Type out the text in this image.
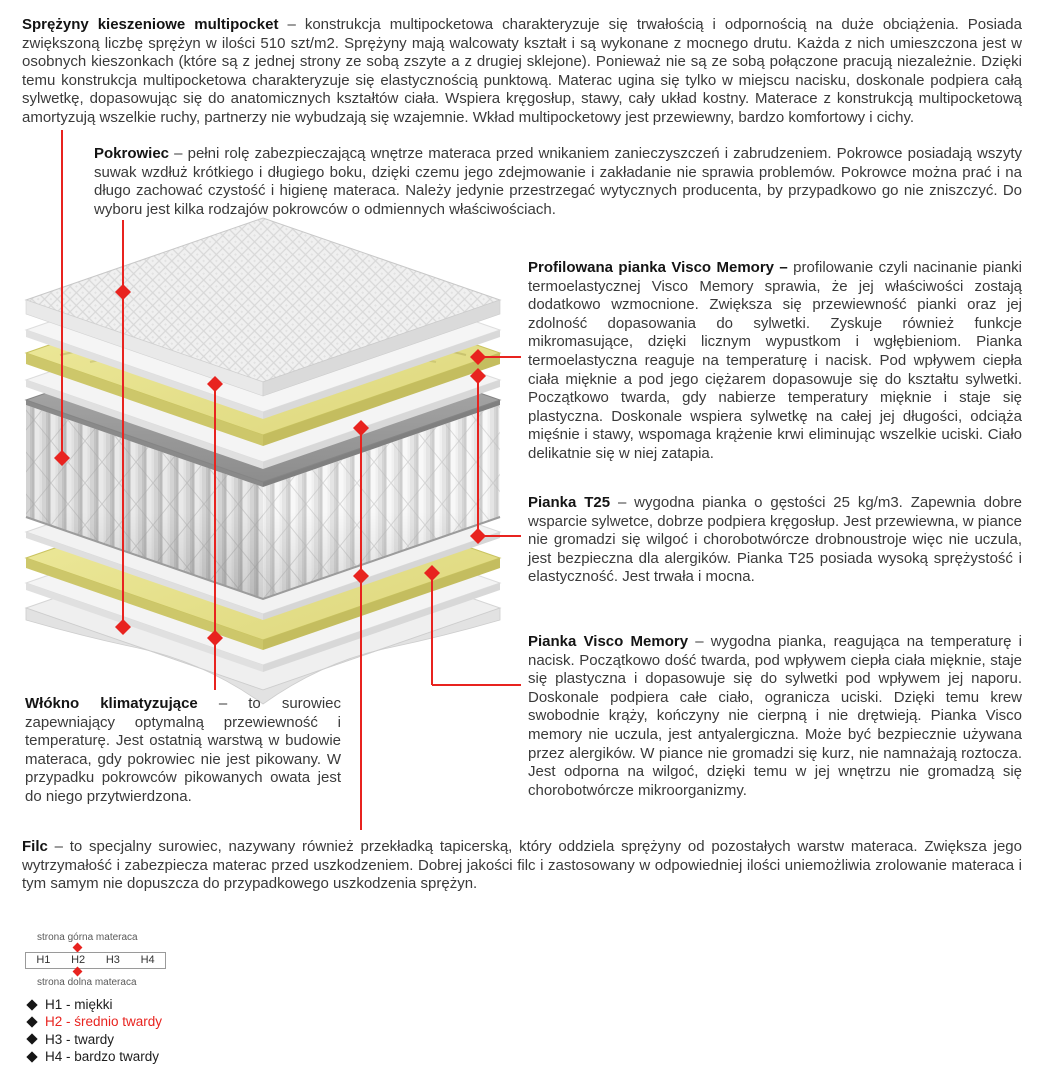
Sprężyny kieszeniowe multipocket – konstrukcja multipocketowa charakteryzuje się trwałością i odpornością na duże obciążenia. Posiada zwiększoną liczbę sprężyn w ilości 510 szt/m2. Sprężyny mają walcowaty kształt i są wykonane z mocnego drutu. Każda z nich umieszczona jest w osobnych kieszonkach (które są z jednej strony ze sobą zszyte a z drugiej sklejone). Ponieważ nie są ze sobą połączone pracują niezależnie. Dzięki temu konstrukcja multipocketowa charakteryzuje się elastycznością punktową. Materac ugina się tylko w miejscu nacisku, doskonale podpiera całą sylwetkę, dopasowując się do anatomicznych kształtów ciała. Wspiera kręgosłup, stawy, cały układ kostny. Materace z konstrukcją multipocketową amortyzują wszelkie ruchy, partnerzy nie wybudzają się wzajemnie. Wkład multipocketowy jest przewiewny, bardzo komfortowy i cichy.

Pokrowiec – pełni rolę zabezpieczającą wnętrze materaca przed wnikaniem zanieczyszczeń i zabrudzeniem. Pokrowce posiadają wszyty suwak wzdłuż krótkiego i długiego boku, dzięki czemu jego zdejmowanie i zakładanie nie sprawia problemów. Pokrowce można prać i na długo zachować czystość i higienę materaca. Należy jedynie przestrzegać wytycznych producenta, by przypadkowo go nie zniszczyć. Do wyboru jest kilka rodzajów pokrowców o odmiennych właściwościach.

Profilowana pianka Visco Memory – profilowanie czyli nacinanie pianki termoelastycznej Visco Memory sprawia, że jej właściwości zostają dodatkowo wzmocnione. Zwiększa się przewiewność pianki oraz jej zdolność dopasowania do sylwetki. Zyskuje również funkcje mikromasujące, dzięki licznym wypustkom i wgłębieniom. Pianka termoelastyczna reaguje na temperaturę i nacisk. Pod wpływem ciepła ciała mięknie a pod jego ciężarem dopasowuje się do kształtu sylwetki. Początkowo twarda, gdy nabierze temperatury mięknie i staje się plastyczna. Doskonale wspiera sylwetkę na całej jej długości, odciąża mięśnie i stawy, wspomaga krążenie krwi eliminując wszelkie uciski. Ciało delikatnie się w niej zatapia.

Pianka T25 – wygodna pianka o gęstości 25 kg/m3. Zapewnia dobre wsparcie sylwetce, dobrze podpiera kręgosłup. Jest przewiewna, w piance nie gromadzi się wilgoć i chorobotwórcze drobnoustroje więc nie uczula, jest bezpieczna dla alergików. Pianka T25 posiada wysoką sprężystość i elastyczność. Jest trwała i mocna.

Pianka Visco Memory – wygodna pianka, reagująca na temperaturę i nacisk. Początkowo dość twarda, pod wpływem ciepła ciała mięknie, staje się plastyczna i dopasowuje się do sylwetki pod wpływem jej naporu. Doskonale podpiera całe ciało, ogranicza uciski. Dzięki temu krew swobodnie krąży, kończyny nie cierpną i nie drętwieją. Pianka Visco memory nie uczula, jest antyalergiczna. Może być bezpiecznie używana przez alergików. W piance nie gromadzi się kurz, nie namnażają roztocza. Jest odporna na wilgoć, dzięki temu w jej wnętrzu nie gromadzą się chorobotwórcze mikroorganizmy.

Włókno klimatyzujące – to surowiec zapewniający optymalną przewiewność i temperaturę. Jest ostatnią warstwą w budowie materaca, gdy pokrowiec nie jest pikowany. W przypadku pokrowców pikowanych owata jest do niego przytwierdzona.

Filc – to specjalny surowiec, nazywany również przekładką tapicerską, który oddziela sprężyny od pozostałych warstw materaca. Zwiększa jego wytrzymałość i zabezpiecza materac przed uszkodzeniem. Dobrej jakości filc i zastosowany w odpowiedniej ilości uniemożliwia zrolowanie materaca i tym samym nie dopuszcza do przypadkowego uszkodzenia sprężyn.

strona górna materaca
H1	H2	H3	H4
strona dolna materaca
H1 - miękki
H2 - średnio twardy
H3 - twardy
H4 - bardzo twardy
